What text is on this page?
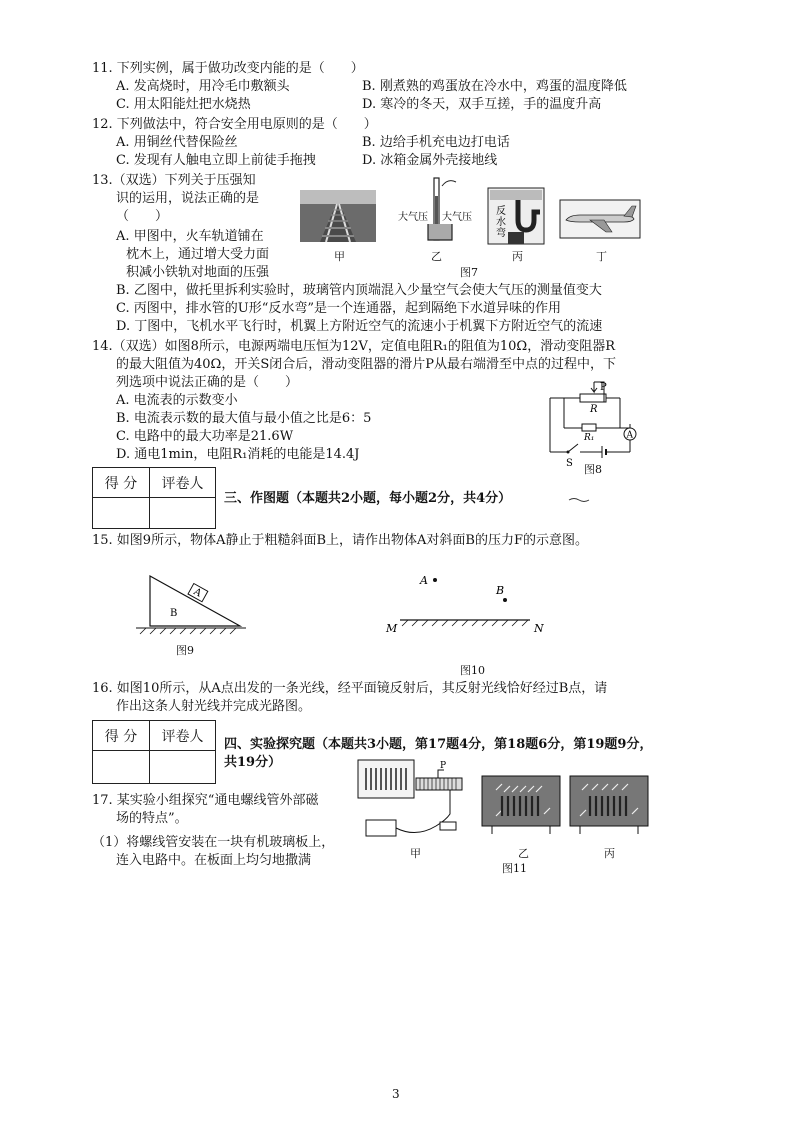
11. 下列实例，属于做功改变内能的是（　　）
A. 发高烧时，用冷毛巾敷额头	B. 刚煮熟的鸡蛋放在冷水中，鸡蛋的温度降低
C. 用太阳能灶把水烧热	D. 寒冷的冬天，双手互搓，手的温度升高
12. 下列做法中，符合安全用电原则的是（　　）
A. 用铜丝代替保险丝	B. 边给手机充电边打电话
C. 发现有人触电立即上前徒手拖拽	D. 冰箱金属外壳接地线
13.（双选）下列关于压强知
识的运用，说法正确的是
（　　）
A. 甲图中，火车轨道铺在
枕木上，通过增大受力面
积减小铁轨对地面的压强
大气压 大气压
反
水
弯
甲	乙	丙	丁
图7
B. 乙图中，做托里拆利实验时，玻璃管内顶端混入少量空气会使大气压的测量值变大
C. 丙图中，排水管的U形“反水弯”是一个连通器，起到隔绝下水道异味的作用
D. 丁图中，飞机水平飞行时，机翼上方附近空气的流速小于机翼下方附近空气的流速
14.（双选）如图8所示，电源两端电压恒为12V，定值电阻R₁的阻值为10Ω，滑动变阻器R
的最大阻值为40Ω，开关S闭合后，滑动变阻器的滑片P从最右端滑至中点的过程中，下
列选项中说法正确的是（　　）
A. 电流表的示数变小
B. 电流表示数的最大值与最小值之比是6：5
C. 电路中的最大功率是21.6W
D. 通电1min，电阻R₁消耗的电能是14.4J
P
R
R₁	A
S 图8
得 分	评卷人

三、作图题（本题共2小题，每小题2分，共4分）
15. 如图9所示，物体A静止于粗糙斜面B上，请作出物体A对斜面B的压力F的示意图。
A
B
图9
A
B
M	N
图10
16. 如图10所示，从A点出发的一条光线，经平面镜反射后，其反射光线恰好经过B点，请
作出这条人射光线并完成光路图。
得 分	评卷人
	四、实验探究题（本题共3小题，第17题4分，第18题6分，第19题9分，
共19分）
17. 某实验小组探究“通电螺线管外部磁
场的特点”。
（1）将螺线管安装在一块有机玻璃板上，
连入电路中。在板面上均匀地撒满
P
甲	乙	丙
图11
3
